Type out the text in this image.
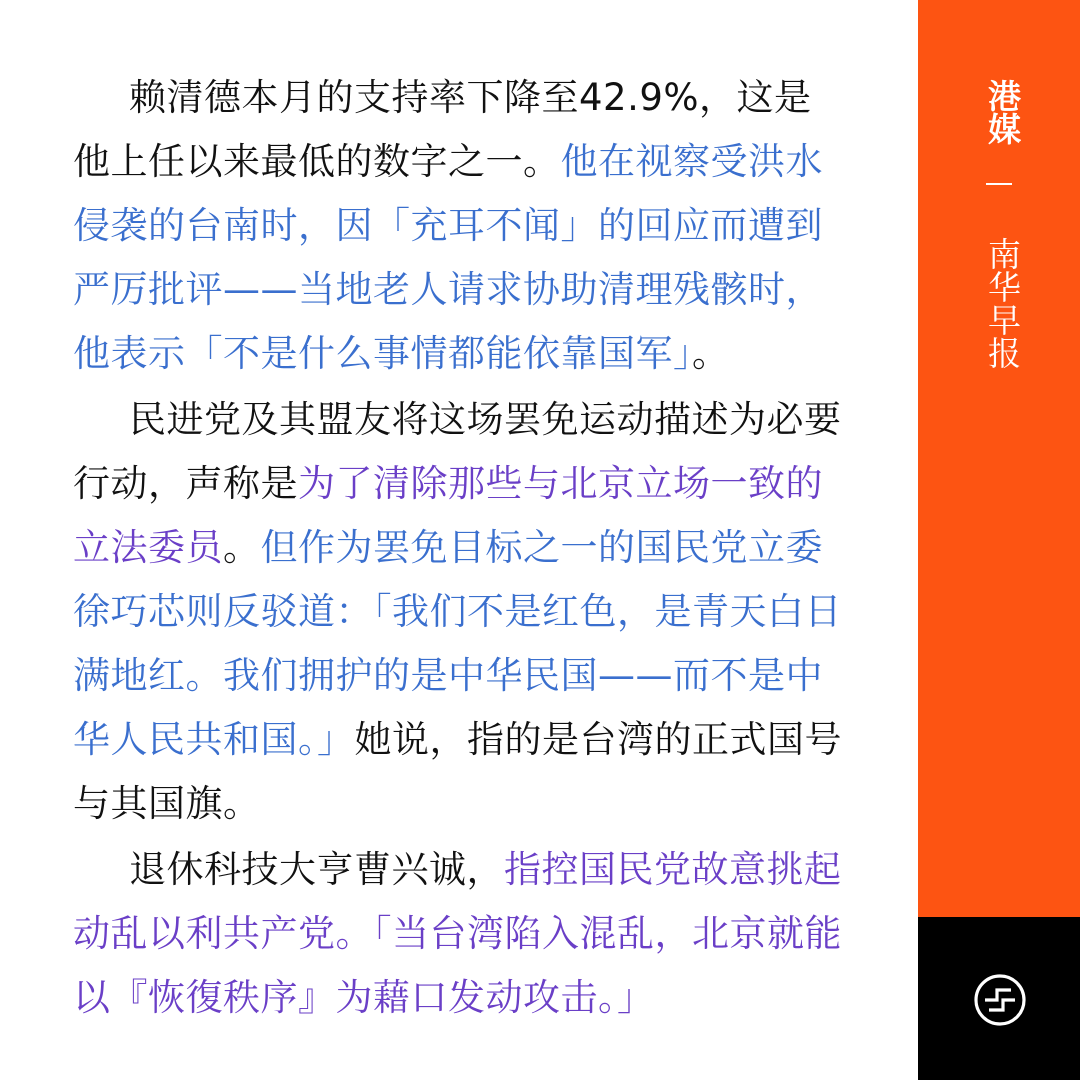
赖清德本月的支持率下降至42.9%，这是他上任以来最低的数字之一。他在视察受洪水侵袭的台南时，因「充耳不闻」的回应而遭到严厉批评——当地老人请求协助清理残骸时，他表示「不是什么事情都能依靠国军」。

民进党及其盟友将这场罢免运动描述为必要行动，声称是为了清除那些与北京立场一致的立法委员。但作为罢免目标之一的国民党立委徐巧芯则反驳道：「我们不是红色，是青天白日满地红。我们拥护的是中华民国——而不是中华人民共和国。」她说，指的是台湾的正式国号与其国旗。

退休科技大亨曹兴诚，指控国民党故意挑起动乱以利共产党。「当台湾陷入混乱，北京就能以『恢復秩序』为藉口发动攻击。」

港媒
南华早报
